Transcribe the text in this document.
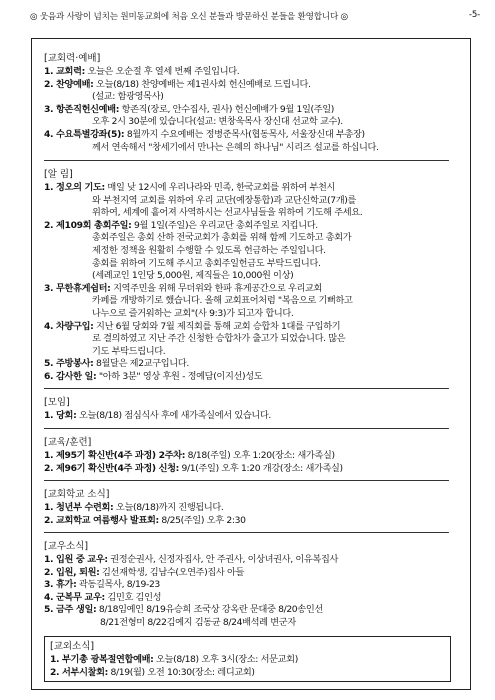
◎ 웃음과 사랑이 넘치는 원미동교회에 처음 오신 분들과 방문하신 분들을 환영합니다 ◎	-5-
[교회력·예배]
1. 교회력: 오늘은 오순절 후 열세 번째 주일입니다.
2. 찬양예배: 오늘(8/18) 찬양예배는 제1권사회 헌신예배로 드립니다.
(설교: 함광영목사)
3. 항존직헌신예배: 항존직(장로, 안수집사, 권사) 헌신예배가 9월 1일(주일)
오후 2시 30분에 있습니다(설교: 변창욱목사 장신대 선교학 교수).
4. 수요특별강좌(5): 8월까지 수요예배는 정병준목사(협동목사, 서울장신대 부총장)
께서 연속해서 "창세기에서 만나는 은혜의 하나님" 시리즈 설교를 하십니다.
[알 림]
1. 정오의 기도: 매일 낮 12시에 우리나라와 민족, 한국교회를 위하여 부천시
와 부천지역 교회를 위하여 우리 교단(예장통합)과 교단신학교(7개)를
위하여, 세계에 흩어져 사역하시는 선교사님들을 위하여 기도해 주세요.
2. 제109회 총회주일: 9월 1일(주일)은 우리교단 총회주일로 지킵니다.
총회주일은 총회 산하 전국교회가 총회를 위해 함께 기도하고 총회가
제정한 정책을 원활히 수행할 수 있도록 헌금하는 주일입니다.
총회를 위하여 기도해 주시고 총회주일헌금도 부탁드립니다.
(세례교인 1인당 5,000원, 제직들은 10,000원 이상)
3. 무한휴게쉼터: 지역주민을 위해 무더위와 한파 휴게공간으로 우리교회
카페를 개방하기로 했습니다. 올해 교회표어처럼 "복음으로 기뻐하고
나누으로 즐거워하는 교회"(사 9:3)가 되고자 합니다.
4. 차량구입: 지난 6월 당회와 7월 제직회를 통해 교회 승합차 1대를 구입하기
로 결의하였고 지난 주간 신청한 승합차가 출고가 되었습니다. 많은
기도 부탁드립니다.
5. 주방봉사: 8월달은 제2교구입니다.
6. 감사한 일: "아하 3분" 영상 후원 - 정예담(이지선)성도
[모임]
1. 당회: 오늘(8/18) 점심식사 후에 새가족실에서 있습니다.
[교육/훈련]
1. 제95기 확신반(4주 과정) 2주차: 8/18(주일) 오후 1:20(장소: 새가족실)
2. 제96기 확신반(4주 과정) 신청: 9/1(주일) 오후 1:20 개강(장소: 새가족실)
[교회학교 소식]
1. 청년부 수련회: 오늘(8/18)까지 진행됩니다.
2. 교회학교 여름행사 발표회: 8/25(주일) 오후 2:30
[교우소식]
1. 입원 중 교우: 권정순권사, 신정자집사, 안 주권사, 이상녀권사, 이유복집사
2. 입원, 퇴원: 김선재학생, 김남수(오연주)집사 아들
3. 휴가: 곽동길목사, 8/19-23
4. 군복무 교우: 김민호 김인성
5. 금주 생일: 8/18임예인 8/19유승희 조국상 강옥란 문대중 8/20송인선
8/21전형미 8/22김예지 김동균 8/24배석례 변군자
[교외소식]
1. 부기총 광복절연합예배: 오늘(8/18) 오후 3시(장소: 서문교회)
2. 서부시찰회: 8/19(월) 오전 10:30(장소: 레디교회)
